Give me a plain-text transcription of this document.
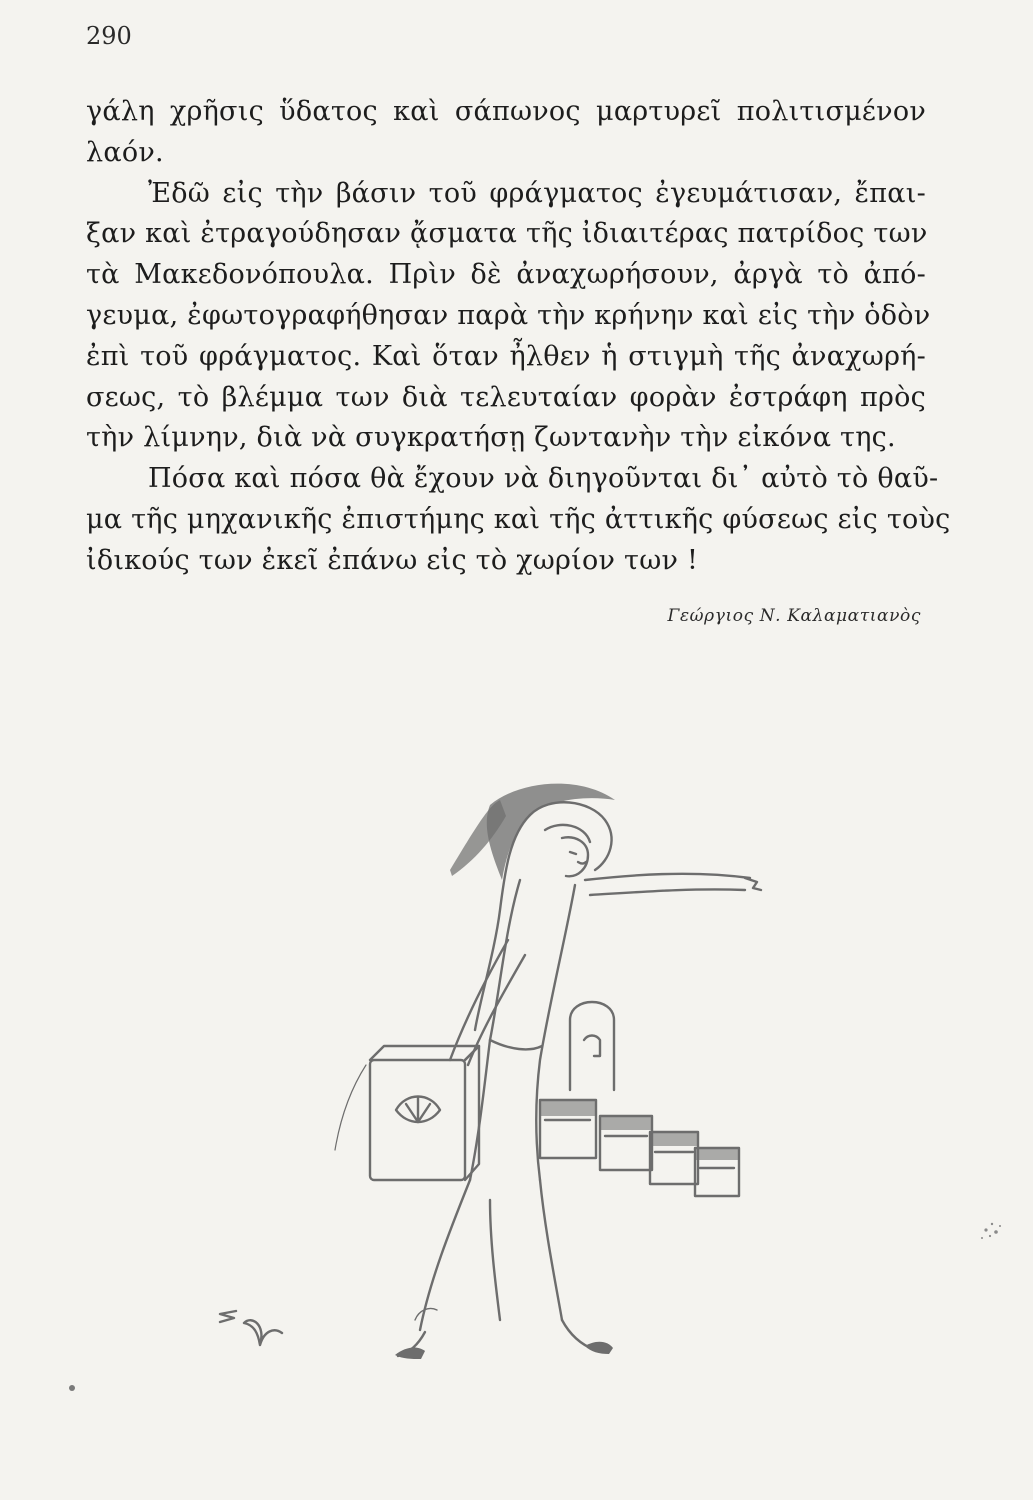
290
γάλη χρῆσις ὕδατος καὶ σάπωνος μαρτυρεῖ πολιτισμένον
λαόν.
Ἐδῶ εἰς τὴν βάσιν τοῦ φράγματος ἐγευμάτισαν, ἔπαι-
ξαν καὶ ἐτραγούδησαν ᾄσματα τῆς ἰδιαιτέρας πατρίδος των
τὰ Μακεδονόπουλα. Πρὶν δὲ ἀναχωρήσουν, ἀργὰ τὸ ἀπό-
γευμα, ἐφωτογραφήθησαν παρὰ τὴν κρήνην καὶ εἰς τὴν ὁδὸν
ἐπὶ τοῦ φράγματος. Καὶ ὅταν ἦλθεν ἡ στιγμὴ τῆς ἀναχωρή-
σεως, τὸ βλέμμα των διὰ τελευταίαν φορὰν ἐστράφη πρὸς
τὴν λίμνην, διὰ νὰ συγκρατήσῃ ζωντανὴν τὴν εἰκόνα της.
Πόσα καὶ πόσα θὰ ἔχουν νὰ διηγοῦνται δι᾽ αὐτὸ τὸ θαῦ-
μα τῆς μηχανικῆς ἐπιστήμης καὶ τῆς ἀττικῆς φύσεως εἰς τοὺς
ἰδικούς των ἐκεῖ ἐπάνω εἰς τὸ χωρίον των !
Γεώργιος Ν. Καλαματιανὸς
